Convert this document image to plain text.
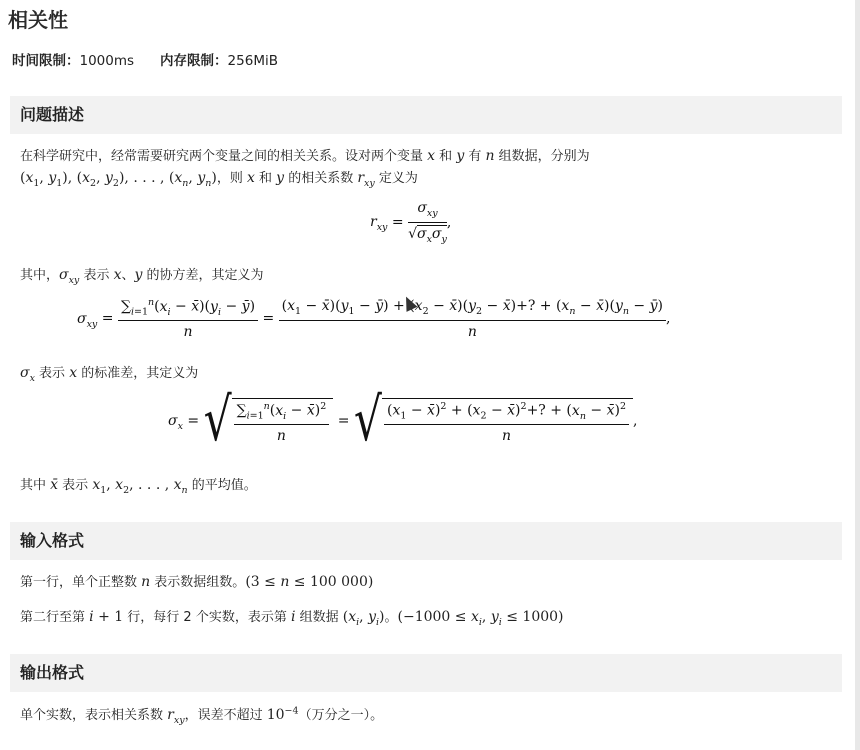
相关性
时间限制：1000ms 内存限制：256MiB
问题描述
在科学研究中，经常需要研究两个变量之间的相关关系。设对两个变量 x 和 y 有 n 组数据，分别为
($x_1$, $y_1$), ($x_2$, $y_2$), . . . , ($x_n$, $y_n$)，则 x 和 y 的相关系数 $r_{xy}$ 定义为
$r_{xy} = \frac{\sigma_{xy}}{√\sigma_x\sigma_y}$ ,
其中，$\sigma_{xy}$ 表示 x、y 的协方差，其定义为
$\sigma_{xy} = \frac{\sum_{i=1}^n(x_i - x̄)(y_i - ȳ)}{n} = \frac{(x_1 - x̄)(y_1 - ȳ) + (x_2 - x̄)(y_2 - x̄)+? + (x_n - x̄)(y_n - ȳ)}{n}$ ,
$\sigma_x$ 表示 x 的标准差，其定义为
$\sigma_x$ = √ $\frac{\sum_{i=1}^n(x_i - x̄)^2}{n}$ = √ $\frac{(x_1 - x̄)^2 + (x_2 - x̄)^2+? + (x_n - x̄)^2}{n}$ ,
其中 x̄ 表示 $x_1$, $x_2$, . . . , $x_n$ 的平均值。
输入格式
第一行，单个正整数 n 表示数据组数。(3 ≤ n ≤ 100 000)
第二行至第 i + 1 行，每行 2 个实数，表示第 i 组数据 ($x_i$, $y_i$)。($-1000 \le x_i$, $y_i \le 1000$)
输出格式
单个实数，表示相关系数 $r_{xy}$，误差不超过 $10^{-4}$（万分之一）。
